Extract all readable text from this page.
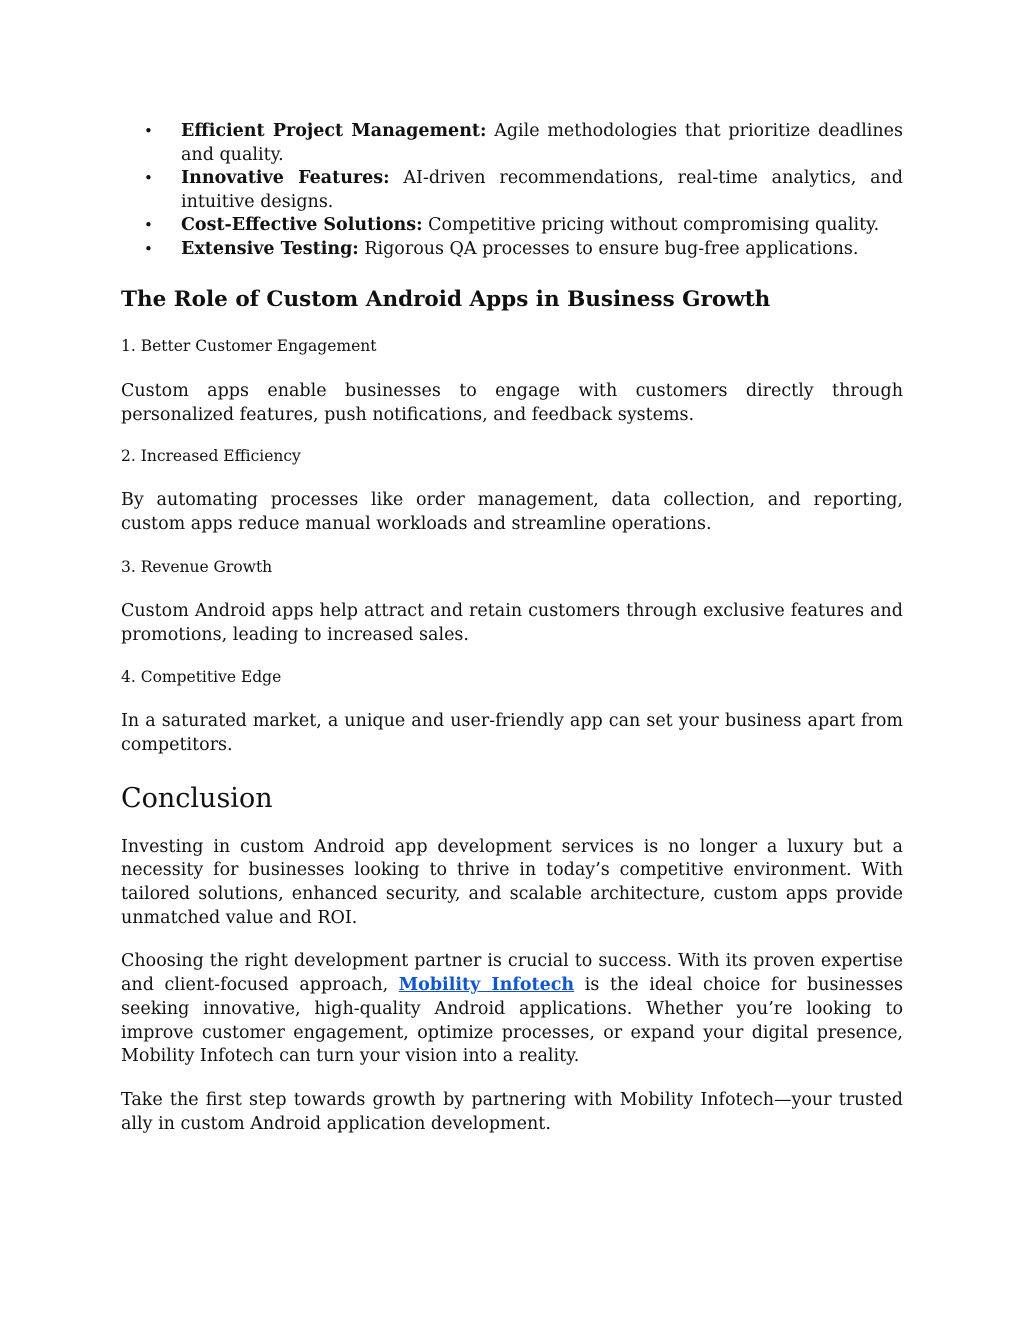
• Efficient Project Management: Agile methodologies that prioritize deadlines and quality.
• Innovative Features: AI-driven recommendations, real-time analytics, and intuitive designs.
• Cost-Effective Solutions: Competitive pricing without compromising quality.
• Extensive Testing: Rigorous QA processes to ensure bug-free applications.
The Role of Custom Android Apps in Business Growth
1. Better Customer Engagement

Custom apps enable businesses to engage with customers directly through personalized features, push notifications, and feedback systems.

2. Increased Efficiency

By automating processes like order management, data collection, and reporting, custom apps reduce manual workloads and streamline operations.

3. Revenue Growth

Custom Android apps help attract and retain customers through exclusive features and promotions, leading to increased sales.

4. Competitive Edge

In a saturated market, a unique and user-friendly app can set your business apart from competitors.

Conclusion

Investing in custom Android app development services is no longer a luxury but a necessity for businesses looking to thrive in today’s competitive environment. With tailored solutions, enhanced security, and scalable architecture, custom apps provide unmatched value and ROI.

Choosing the right development partner is crucial to success. With its proven expertise and client-focused approach, Mobility Infotech is the ideal choice for businesses seeking innovative, high-quality Android applications. Whether you’re looking to improve customer engagement, optimize processes, or expand your digital presence, Mobility Infotech can turn your vision into a reality.

Take the first step towards growth by partnering with Mobility Infotech—your trusted ally in custom Android application development.
